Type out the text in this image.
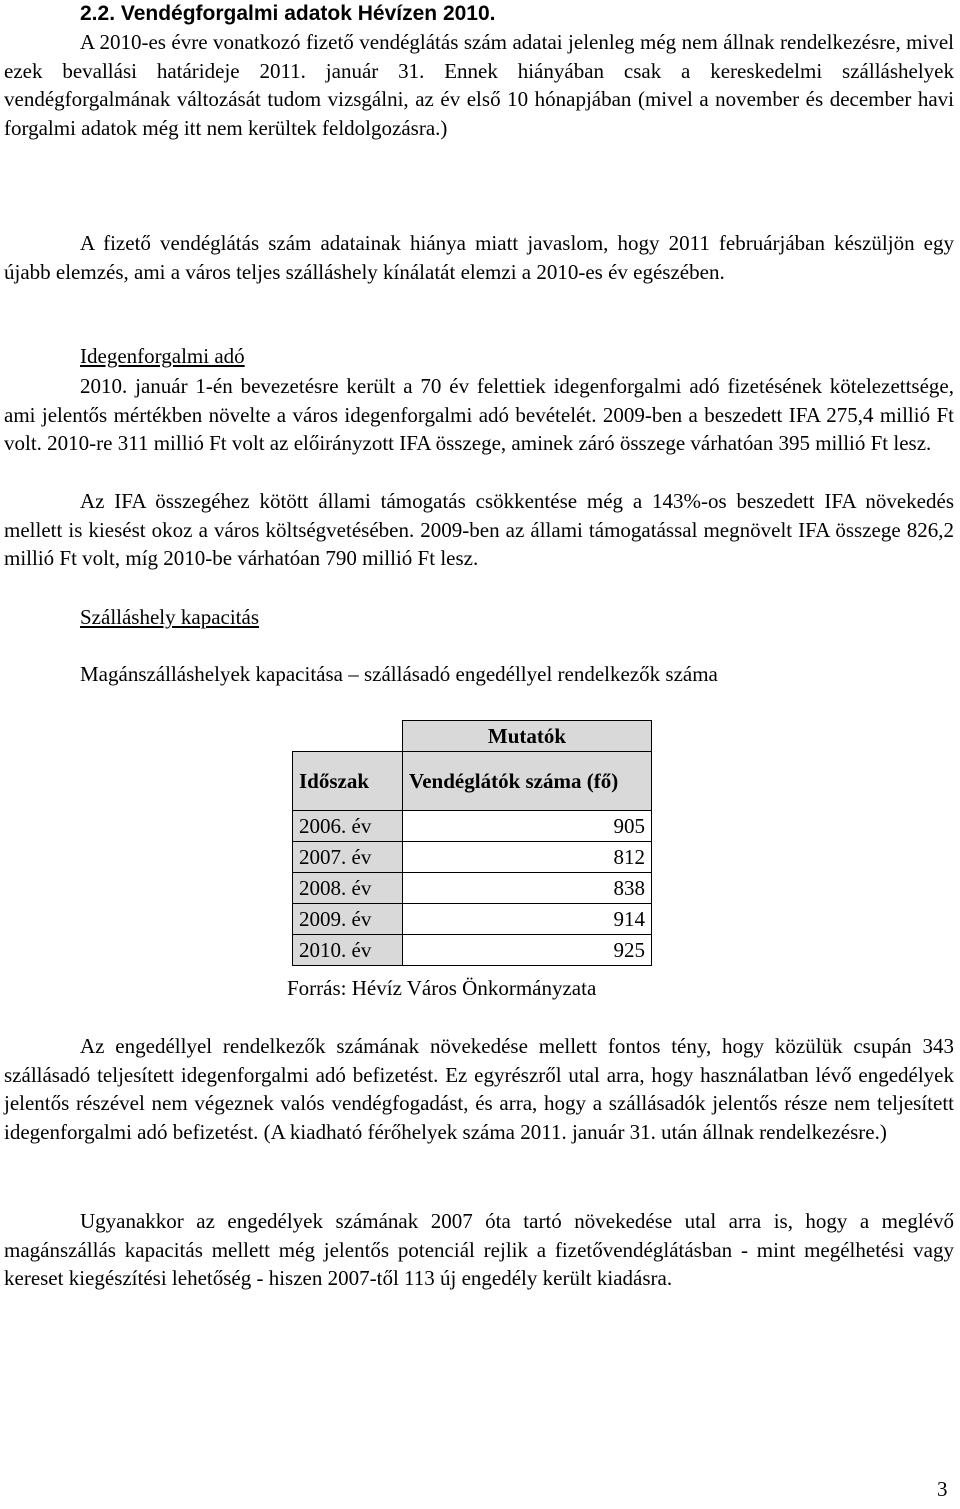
2.2. Vendégforgalmi adatok Hévízen 2010.

A 2010-es évre vonatkozó fizető vendéglátás szám adatai jelenleg még nem állnak rendelkezésre, mivel ezek bevallási határideje 2011. január 31. Ennek hiányában csak a kereskedelmi szálláshelyek vendégforgalmának változását tudom vizsgálni, az év első 10 hónapjában (mivel a november és december havi forgalmi adatok még itt nem kerültek feldolgozásra.)

A fizető vendéglátás szám adatainak hiánya miatt javaslom, hogy 2011 februárjában készüljön egy újabb elemzés, ami a város teljes szálláshely kínálatát elemzi a 2010-es év egészében.

Idegenforgalmi adó

2010. január 1-én bevezetésre került a 70 év felettiek idegenforgalmi adó fizetésének kötelezettsége, ami jelentős mértékben növelte a város idegenforgalmi adó bevételét. 2009-ben a beszedett IFA 275,4 millió Ft volt. 2010-re 311 millió Ft volt az előirányzott IFA összege, aminek záró összege várhatóan 395 millió Ft lesz.

Az IFA összegéhez kötött állami támogatás csökkentése még a 143%-os beszedett IFA növekedés mellett is kiesést okoz a város költségvetésében. 2009-ben az állami támogatással megnövelt IFA összege 826,2 millió Ft volt, míg 2010-be várhatóan 790 millió Ft lesz.

Szálláshely kapacitás
Magánszálláshelyek kapacitása – szállásadó engedéllyel rendelkezők száma
	Mutatók
Időszak	Vendéglátók száma (fő)
2006. év	905
2007. év	812
2008. év	838
2009. év	914
2010. év	925
Forrás: Hévíz Város Önkormányzata

Az engedéllyel rendelkezők számának növekedése mellett fontos tény, hogy közülük csupán 343 szállásadó teljesített idegenforgalmi adó befizetést. Ez egyrészről utal arra, hogy használatban lévő engedélyek jelentős részével nem végeznek valós vendégfogadást, és arra, hogy a szállásadók jelentős része nem teljesített idegenforgalmi adó befizetést. (A kiadható férőhelyek száma 2011. január 31. után állnak rendelkezésre.)

Ugyanakkor az engedélyek számának 2007 óta tartó növekedése utal arra is, hogy a meglévő magánszállás kapacitás mellett még jelentős potenciál rejlik a fizetővendéglátásban - mint megélhetési vagy kereset kiegészítési lehetőség - hiszen 2007-től 113 új engedély került kiadásra.

3
